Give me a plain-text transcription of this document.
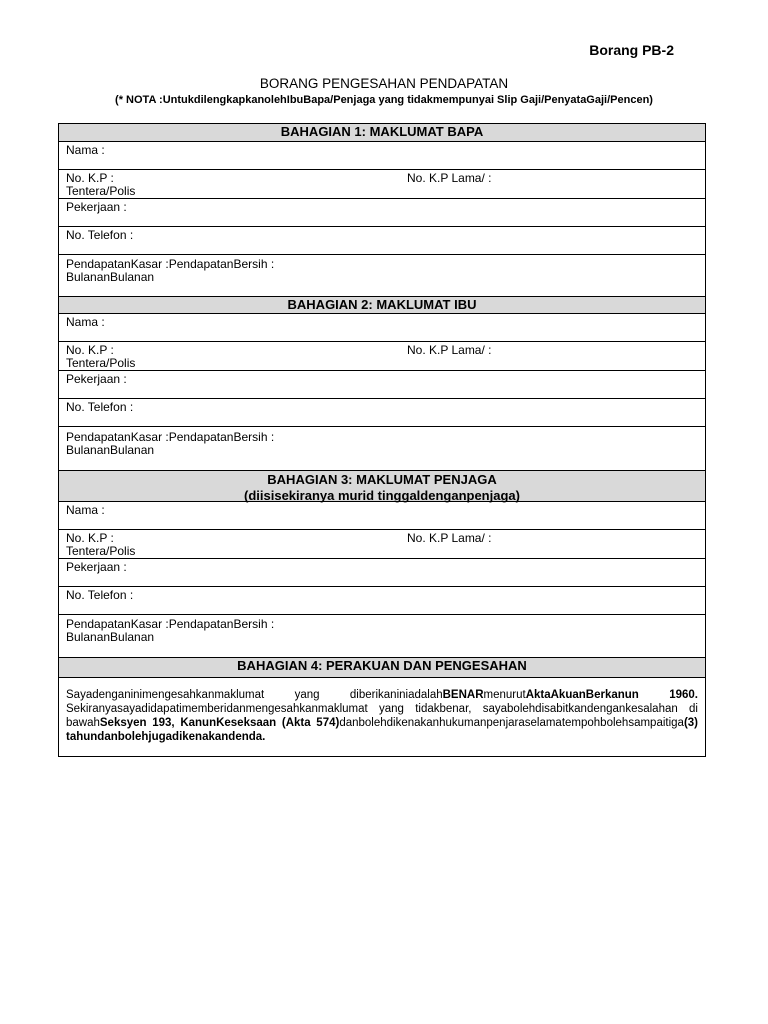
Borang PB-2
BORANG PENGESAHAN PENDAPATAN
(* NOTA :UntukdilengkapkanolehIbuBapa/Penjaga yang tidakmempunyai Slip Gaji/PenyataGaji/Pencen)
BAHAGIAN 1: MAKLUMAT BAPA
Nama :
No. K.P :
Tentera/Polis
No. K.P Lama/ :
Pekerjaan :
No. Telefon :
PendapatanKasar :PendapatanBersih :
BulananBulanan
BAHAGIAN 2: MAKLUMAT IBU
Nama :
No. K.P :
Tentera/Polis
No. K.P Lama/ :
Pekerjaan :
No. Telefon :
PendapatanKasar :PendapatanBersih :
BulananBulanan
BAHAGIAN 3: MAKLUMAT PENJAGA
(diisisekiranya murid tinggaldenganpenjaga)
Nama :
No. K.P :
Tentera/Polis
No. K.P Lama/ :
Pekerjaan :
No. Telefon :
PendapatanKasar :PendapatanBersih :
BulananBulanan
BAHAGIAN 4: PERAKUAN DAN PENGESAHAN
Sayadenganinimengesahkanmaklumat yang diberikaniniadalahBENARmenurutAktaAkuanBerkanun 1960. Sekiranyasayadidapatimemberidanmengesahkanmaklumat yang tidakbenar, sayabolehdisabitkandengankesalahan di bawahSeksyen 193, KanunKeseksaan (Akta 574)danbolehdikenakanhukumanpenjaraselamatempohbolehsampaitiga(3) tahundanbolehjugadikenakandenda.
